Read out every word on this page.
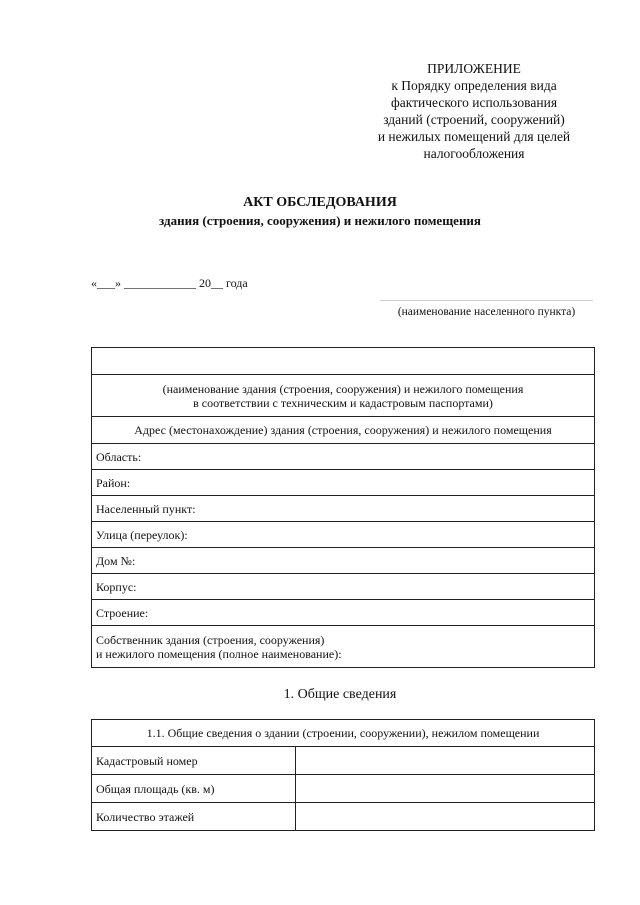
ПРИЛОЖЕНИЕ
к Порядку определения вида
фактического использования
зданий (строений, сооружений)
и нежилых помещений для целей
налогообложения
АКТ ОБСЛЕДОВАНИЯ
здания (строения, сооружения) и нежилого помещения
«___» ____________ 20__ года
(наименование населенного пункта)

(наименование здания (строения, сооружения) и нежилого помещения
в соответствии с техническим и кадастровым паспортами)

Адрес (местонахождение) здания (строения, сооружения) и нежилого помещения
Область:
Район:
Населенный пункт:
Улица (переулок):
Дом №:
Корпус:
Строение:

Собственник здания (строения, сооружения)
и нежилого помещения (полное наименование):
1. Общие сведения
1.1. Общие сведения о здании (строении, сооружении), нежилом помещении	
Кадастровый номер	
Общая площадь (кв. м)	
Количество этажей	
